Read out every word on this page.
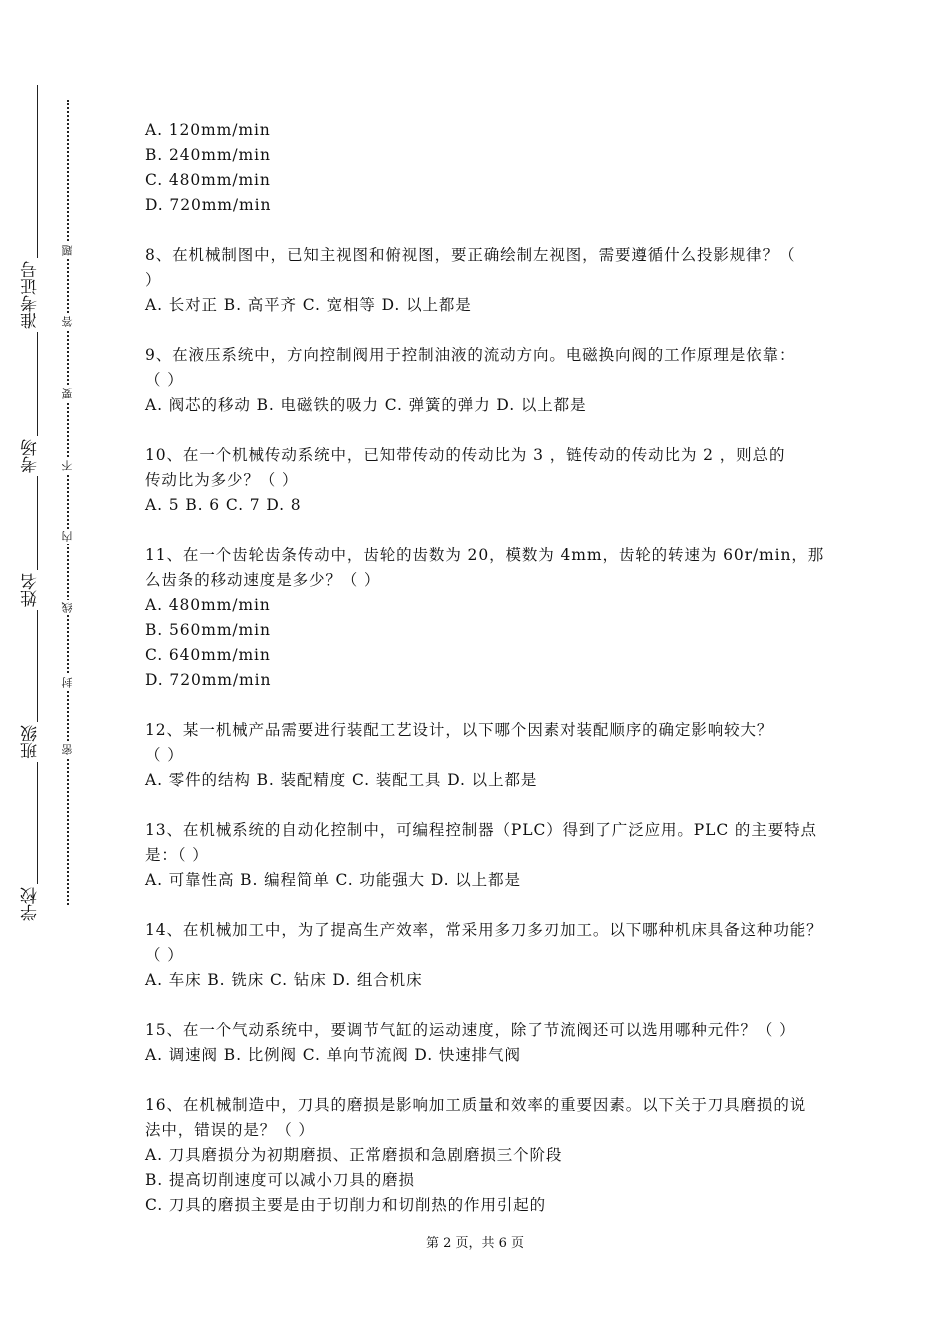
准考证号
考场
姓名
班级
学校
题
答
要
不
内
线
封
密
A. 120mm/min
B. 240mm/min
C. 480mm/min
D. 720mm/min
8、在机械制图中，已知主视图和俯视图，要正确绘制左视图，需要遵循什么投影规律？（
）
A. 长对正 B. 高平齐 C. 宽相等 D. 以上都是
9、在液压系统中，方向控制阀用于控制油液的流动方向。电磁换向阀的工作原理是依靠：
（ ）
A. 阀芯的移动 B. 电磁铁的吸力 C. 弹簧的弹力 D. 以上都是
10、在一个机械传动系统中，已知带传动的传动比为 3 ，链传动的传动比为 2 ，则总的
传动比为多少？（ ）
A. 5 B. 6 C. 7 D. 8
11、在一个齿轮齿条传动中，齿轮的齿数为 20，模数为 4mm，齿轮的转速为 60r/min，那
么齿条的移动速度是多少？（ ）
A. 480mm/min
B. 560mm/min
C. 640mm/min
D. 720mm/min
12、某一机械产品需要进行装配工艺设计，以下哪个因素对装配顺序的确定影响较大？
（ ）
A. 零件的结构 B. 装配精度 C. 装配工具 D. 以上都是
13、在机械系统的自动化控制中，可编程控制器（PLC）得到了广泛应用。PLC 的主要特点
是：（ ）
A. 可靠性高 B. 编程简单 C. 功能强大 D. 以上都是
14、在机械加工中，为了提高生产效率，常采用多刀多刃加工。以下哪种机床具备这种功能？
（ ）
A. 车床 B. 铣床 C. 钻床 D. 组合机床
15、在一个气动系统中，要调节气缸的运动速度，除了节流阀还可以选用哪种元件？（ ）
A. 调速阀 B. 比例阀 C. 单向节流阀 D. 快速排气阀
16、在机械制造中，刀具的磨损是影响加工质量和效率的重要因素。以下关于刀具磨损的说
法中，错误的是？（ ）
A. 刀具磨损分为初期磨损、正常磨损和急剧磨损三个阶段
B. 提高切削速度可以减小刀具的磨损
C. 刀具的磨损主要是由于切削力和切削热的作用引起的
第 2 页，共 6 页
